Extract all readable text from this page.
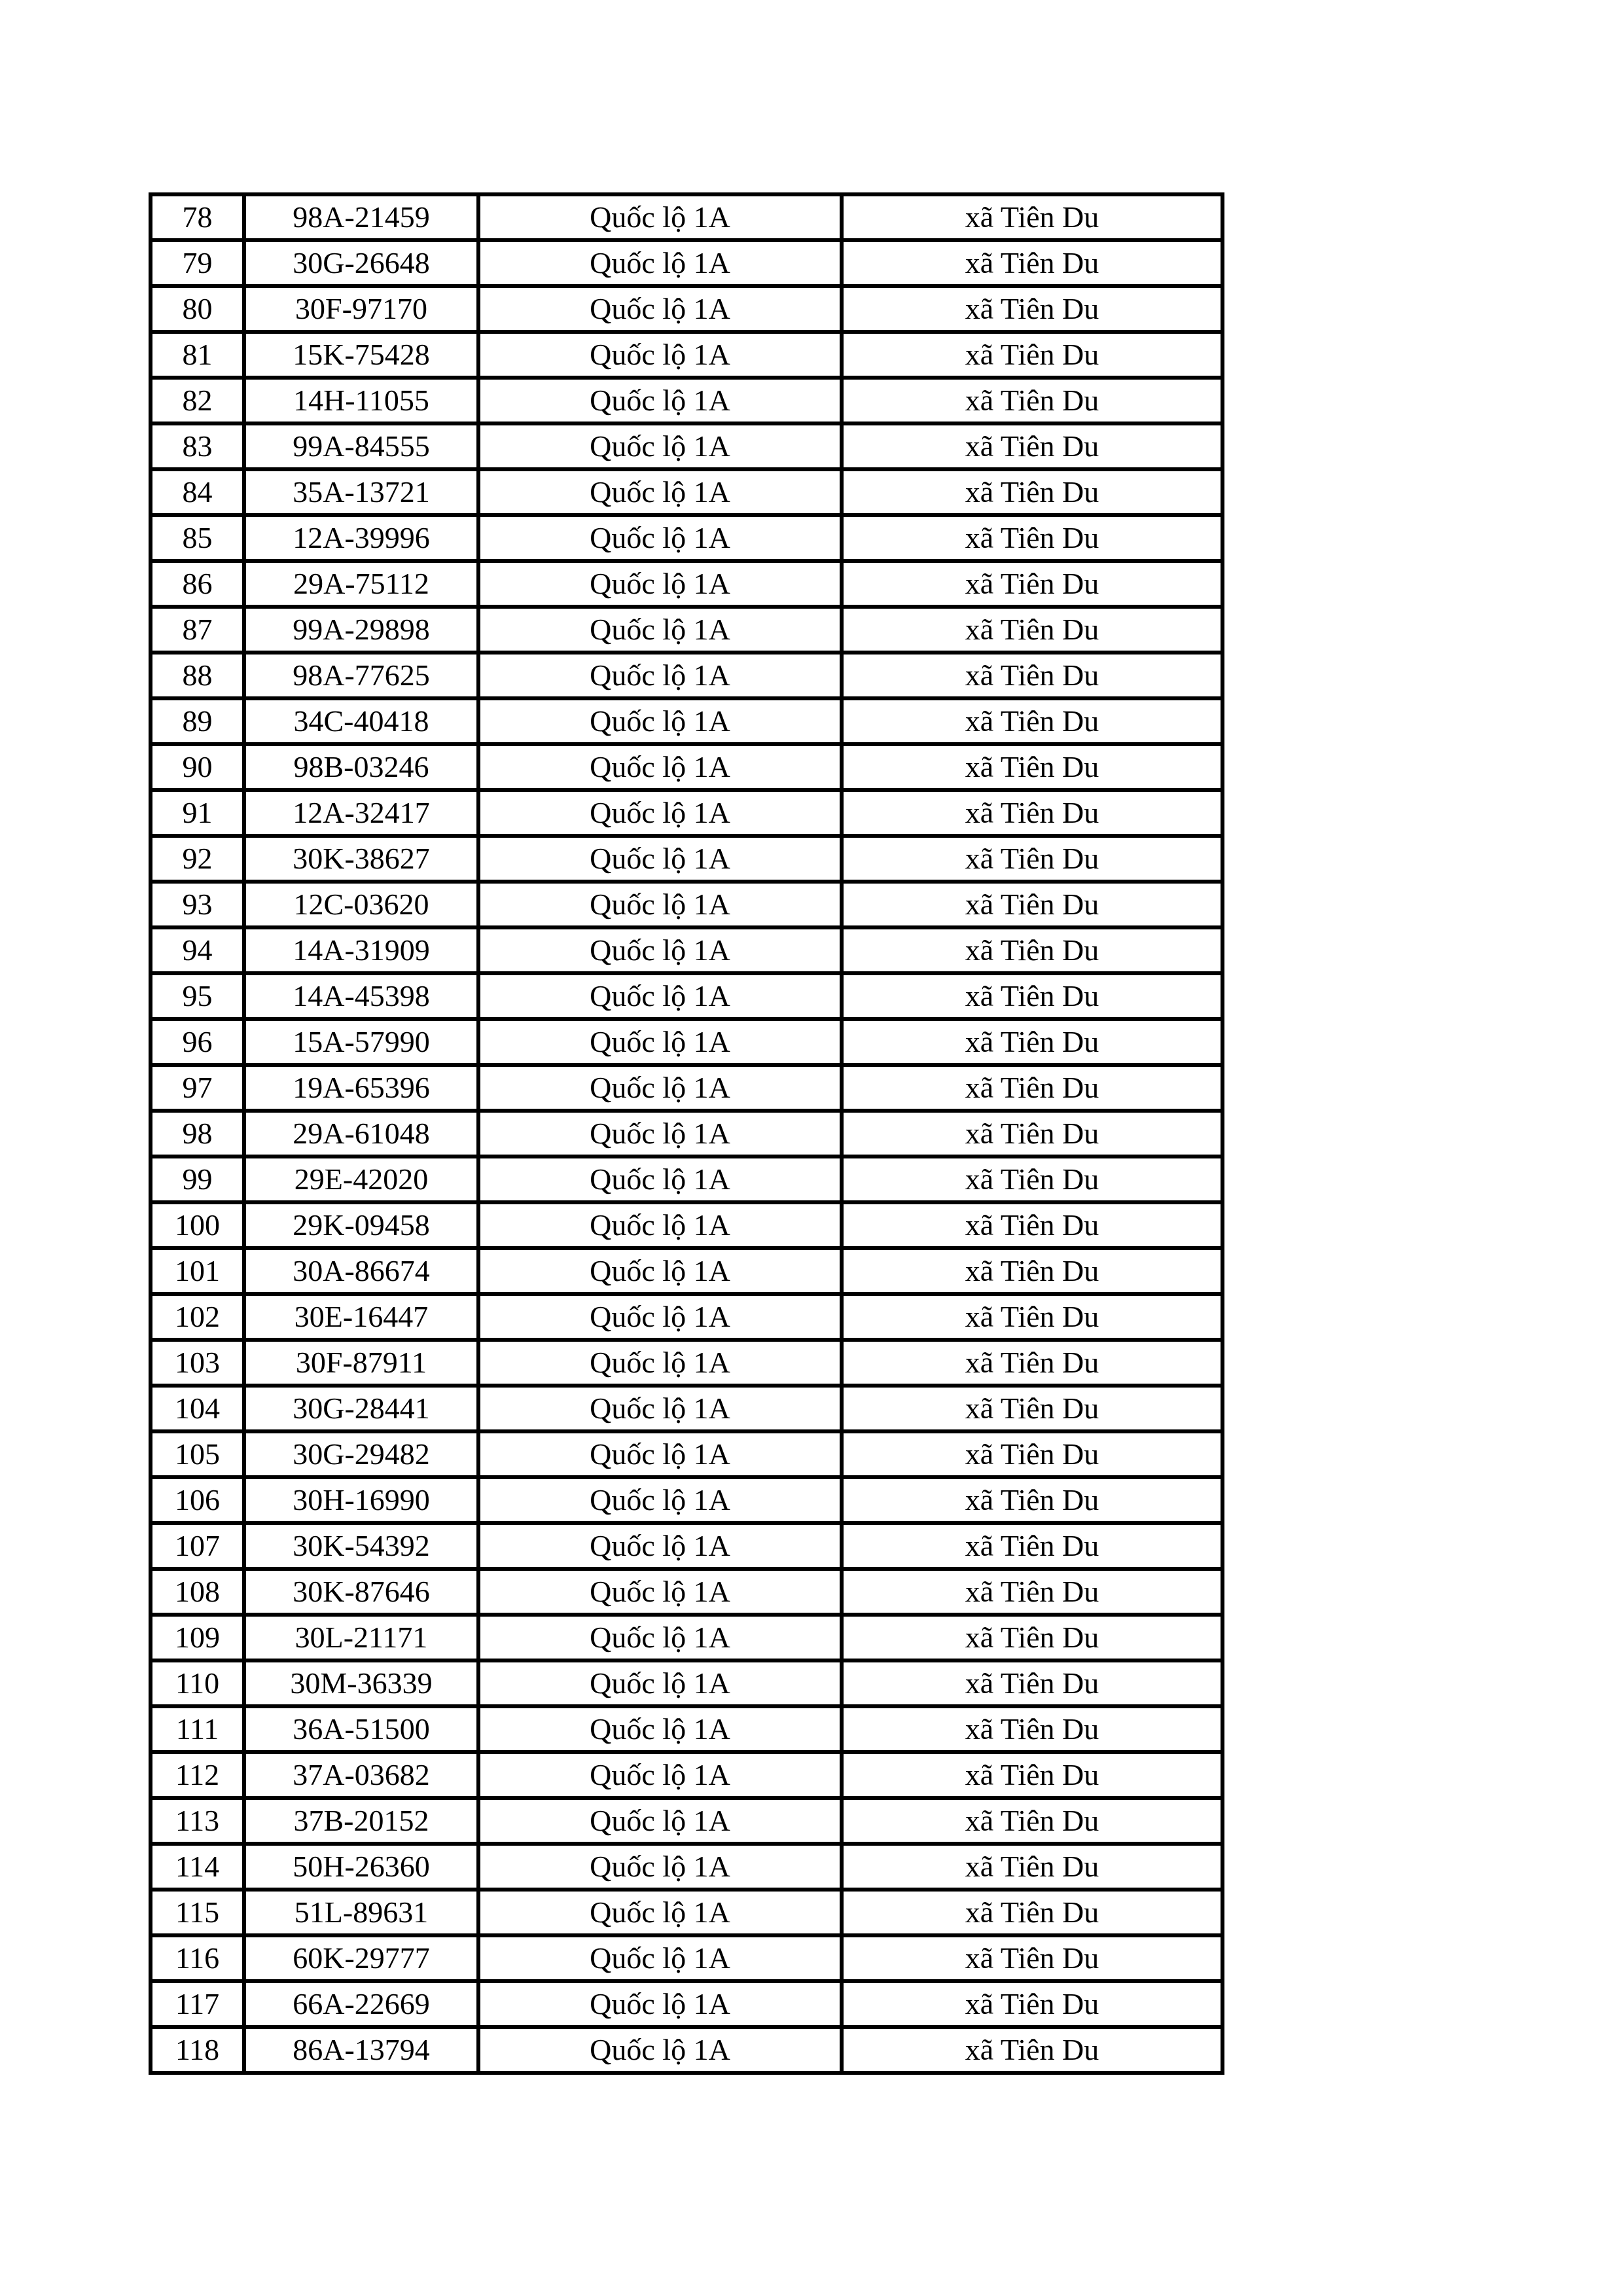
78	98A-21459	Quốc lộ 1A	xã Tiên Du
79	30G-26648	Quốc lộ 1A	xã Tiên Du
80	30F-97170	Quốc lộ 1A	xã Tiên Du
81	15K-75428	Quốc lộ 1A	xã Tiên Du
82	14H-11055	Quốc lộ 1A	xã Tiên Du
83	99A-84555	Quốc lộ 1A	xã Tiên Du
84	35A-13721	Quốc lộ 1A	xã Tiên Du
85	12A-39996	Quốc lộ 1A	xã Tiên Du
86	29A-75112	Quốc lộ 1A	xã Tiên Du
87	99A-29898	Quốc lộ 1A	xã Tiên Du
88	98A-77625	Quốc lộ 1A	xã Tiên Du
89	34C-40418	Quốc lộ 1A	xã Tiên Du
90	98B-03246	Quốc lộ 1A	xã Tiên Du
91	12A-32417	Quốc lộ 1A	xã Tiên Du
92	30K-38627	Quốc lộ 1A	xã Tiên Du
93	12C-03620	Quốc lộ 1A	xã Tiên Du
94	14A-31909	Quốc lộ 1A	xã Tiên Du
95	14A-45398	Quốc lộ 1A	xã Tiên Du
96	15A-57990	Quốc lộ 1A	xã Tiên Du
97	19A-65396	Quốc lộ 1A	xã Tiên Du
98	29A-61048	Quốc lộ 1A	xã Tiên Du
99	29E-42020	Quốc lộ 1A	xã Tiên Du
100	29K-09458	Quốc lộ 1A	xã Tiên Du
101	30A-86674	Quốc lộ 1A	xã Tiên Du
102	30E-16447	Quốc lộ 1A	xã Tiên Du
103	30F-87911	Quốc lộ 1A	xã Tiên Du
104	30G-28441	Quốc lộ 1A	xã Tiên Du
105	30G-29482	Quốc lộ 1A	xã Tiên Du
106	30H-16990	Quốc lộ 1A	xã Tiên Du
107	30K-54392	Quốc lộ 1A	xã Tiên Du
108	30K-87646	Quốc lộ 1A	xã Tiên Du
109	30L-21171	Quốc lộ 1A	xã Tiên Du
110	30M-36339	Quốc lộ 1A	xã Tiên Du
111	36A-51500	Quốc lộ 1A	xã Tiên Du
112	37A-03682	Quốc lộ 1A	xã Tiên Du
113	37B-20152	Quốc lộ 1A	xã Tiên Du
114	50H-26360	Quốc lộ 1A	xã Tiên Du
115	51L-89631	Quốc lộ 1A	xã Tiên Du
116	60K-29777	Quốc lộ 1A	xã Tiên Du
117	66A-22669	Quốc lộ 1A	xã Tiên Du
118	86A-13794	Quốc lộ 1A	xã Tiên Du
